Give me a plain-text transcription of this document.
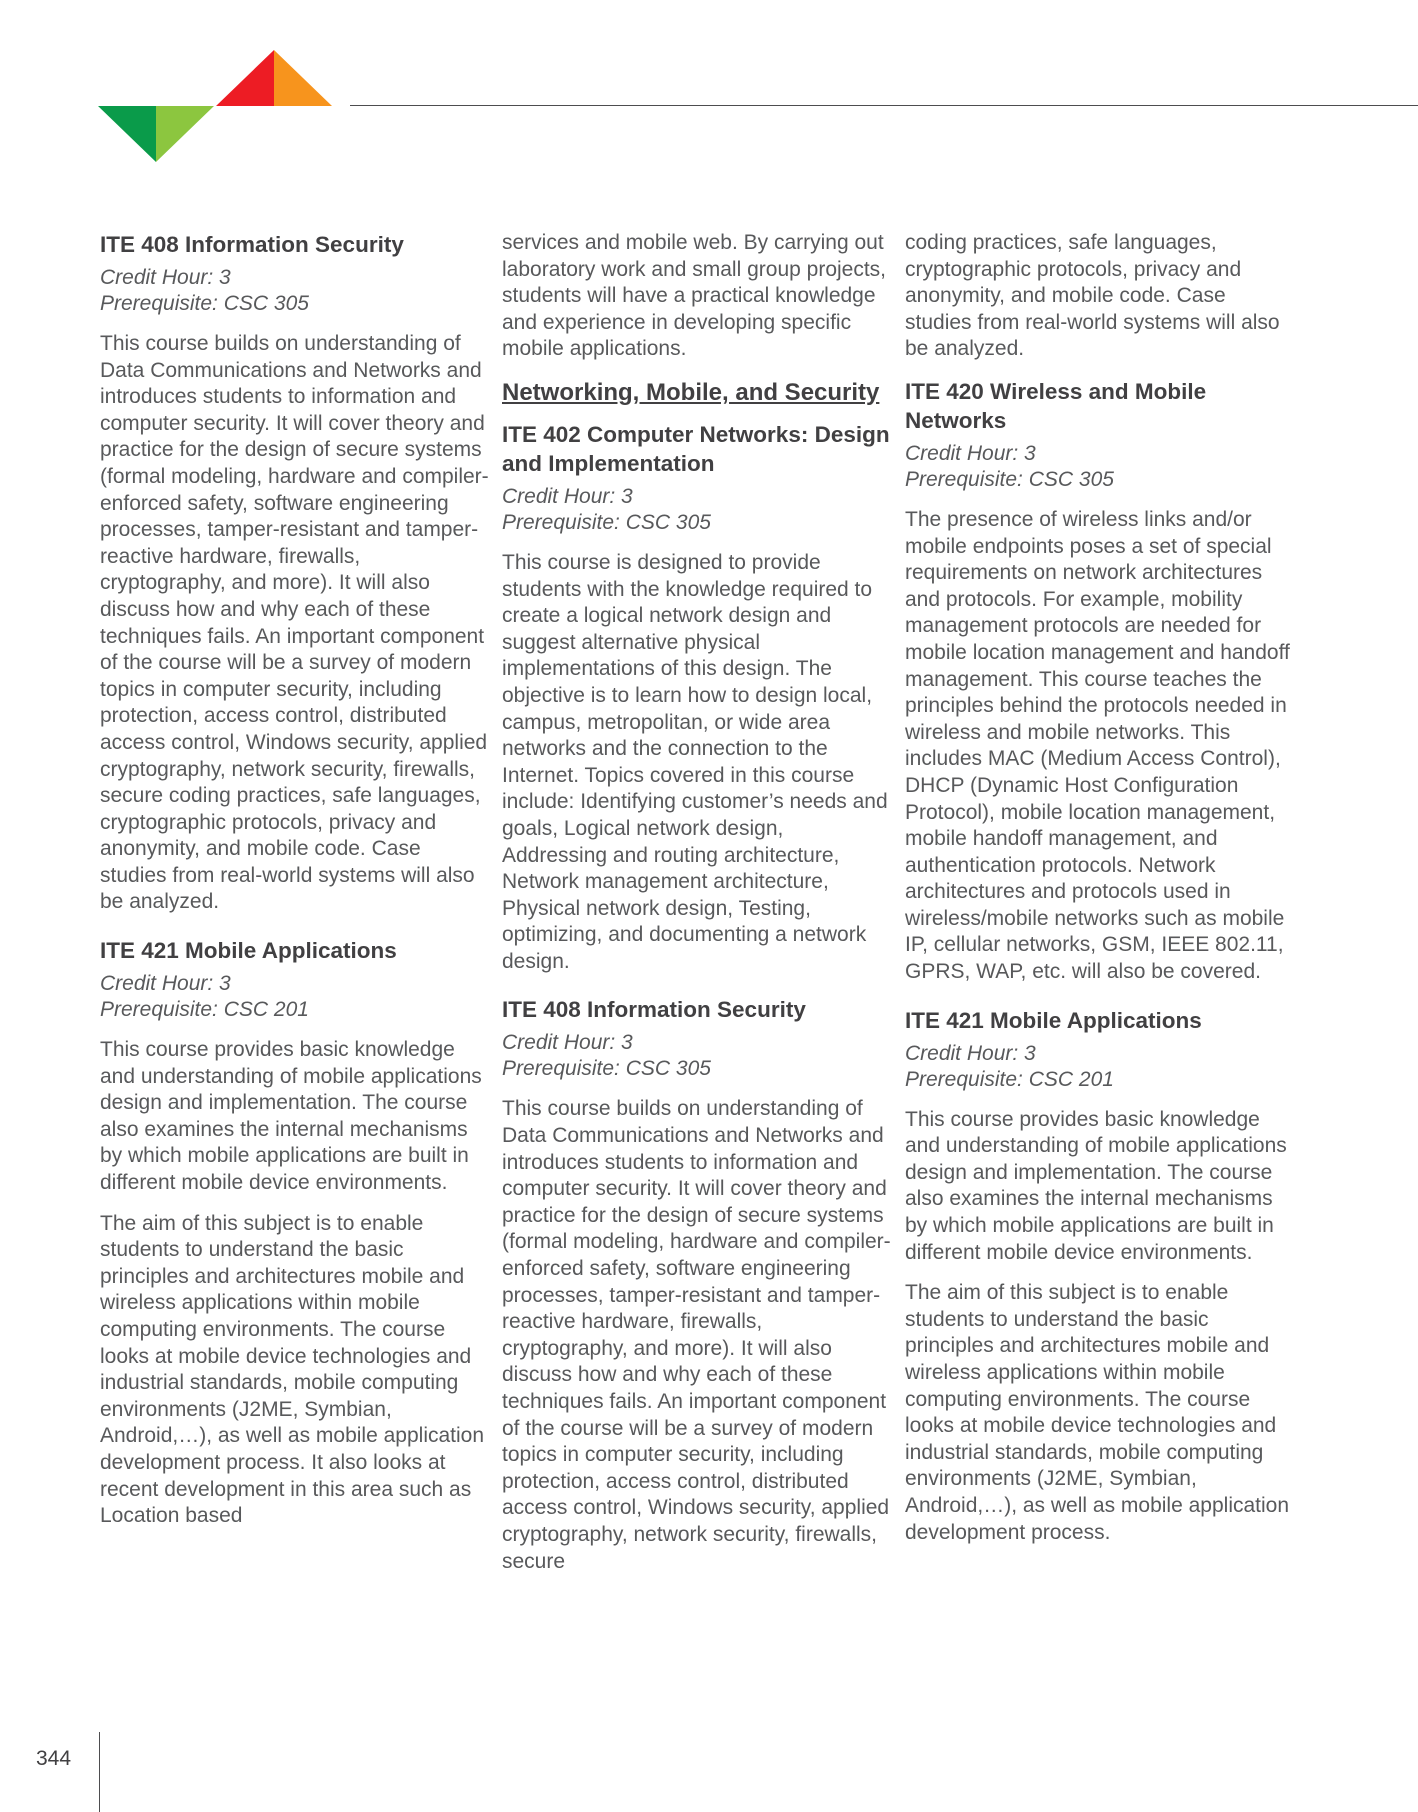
ITE 408 Information Security
Credit Hour: 3
Prerequisite: CSC 305

This course builds on understanding of Data Communications and Networks and introduces students to information and computer security. It will cover theory and practice for the design of secure systems (formal modeling, hardware and compiler-enforced safety, software engineering processes, tamper-resistant and tamper-reactive hardware, firewalls, cryptography, and more). It will also discuss how and why each of these techniques fails. An important component of the course will be a survey of modern topics in computer security, including protection, access control, distributed access control, Windows security, applied cryptography, network security, firewalls, secure coding practices, safe languages, cryptographic protocols, privacy and anonymity, and mobile code. Case studies from real-world systems will also be analyzed.

ITE 421 Mobile Applications
Credit Hour: 3
Prerequisite: CSC 201

This course provides basic knowledge and understanding of mobile applications design and implementation. The course also examines the internal mechanisms by which mobile applications are built in different mobile device environments.

The aim of this subject is to enable students to understand the basic principles and architectures mobile and wireless applications within mobile computing environments. The course looks at mobile device technologies and industrial standards, mobile computing environments (J2ME, Symbian, Android,…), as well as mobile application development process. It also looks at recent development in this area such as Location based

services and mobile web. By carrying out laboratory work and small group projects, students will have a practical knowledge and experience in developing specific mobile applications.

Networking, Mobile, and Security
ITE 402 Computer Networks: Design and Implementation
Credit Hour: 3
Prerequisite: CSC 305

This course is designed to provide students with the knowledge required to create a logical network design and suggest alternative physical implementations of this design. The objective is to learn how to design local, campus, metropolitan, or wide area networks and the connection to the Internet. Topics covered in this course include: Identifying customer’s needs and goals, Logical network design, Addressing and routing architecture, Network management architecture, Physical network design, Testing, optimizing, and documenting a network design.

ITE 408 Information Security
Credit Hour: 3
Prerequisite: CSC 305

This course builds on understanding of Data Communications and Networks and introduces students to information and computer security. It will cover theory and practice for the design of secure systems (formal modeling, hardware and compiler-enforced safety, software engineering processes, tamper-resistant and tamper-reactive hardware, firewalls, cryptography, and more). It will also discuss how and why each of these techniques fails. An important component of the course will be a survey of modern topics in computer security, including protection, access control, distributed access control, Windows security, applied cryptography, network security, firewalls, secure

coding practices, safe languages, cryptographic protocols, privacy and anonymity, and mobile code. Case studies from real-world systems will also be analyzed.

ITE 420 Wireless and Mobile Networks
Credit Hour: 3
Prerequisite: CSC 305

The presence of wireless links and/or mobile endpoints poses a set of special requirements on network architectures and protocols. For example, mobility management protocols are needed for mobile location management and handoff management. This course teaches the principles behind the protocols needed in wireless and mobile networks. This includes MAC (Medium Access Control), DHCP (Dynamic Host Configuration Protocol), mobile location management, mobile handoff management, and authentication protocols. Network architectures and protocols used in wireless/mobile networks such as mobile IP, cellular networks, GSM, IEEE 802.11, GPRS, WAP, etc. will also be covered.

ITE 421 Mobile Applications
Credit Hour: 3
Prerequisite: CSC 201

This course provides basic knowledge and understanding of mobile applications design and implementation. The course also examines the internal mechanisms by which mobile applications are built in different mobile device environments.

The aim of this subject is to enable students to understand the basic principles and architectures mobile and wireless applications within mobile computing environments. The course looks at mobile device technologies and industrial standards, mobile computing environments (J2ME, Symbian, Android,…), as well as mobile application development process.

344
